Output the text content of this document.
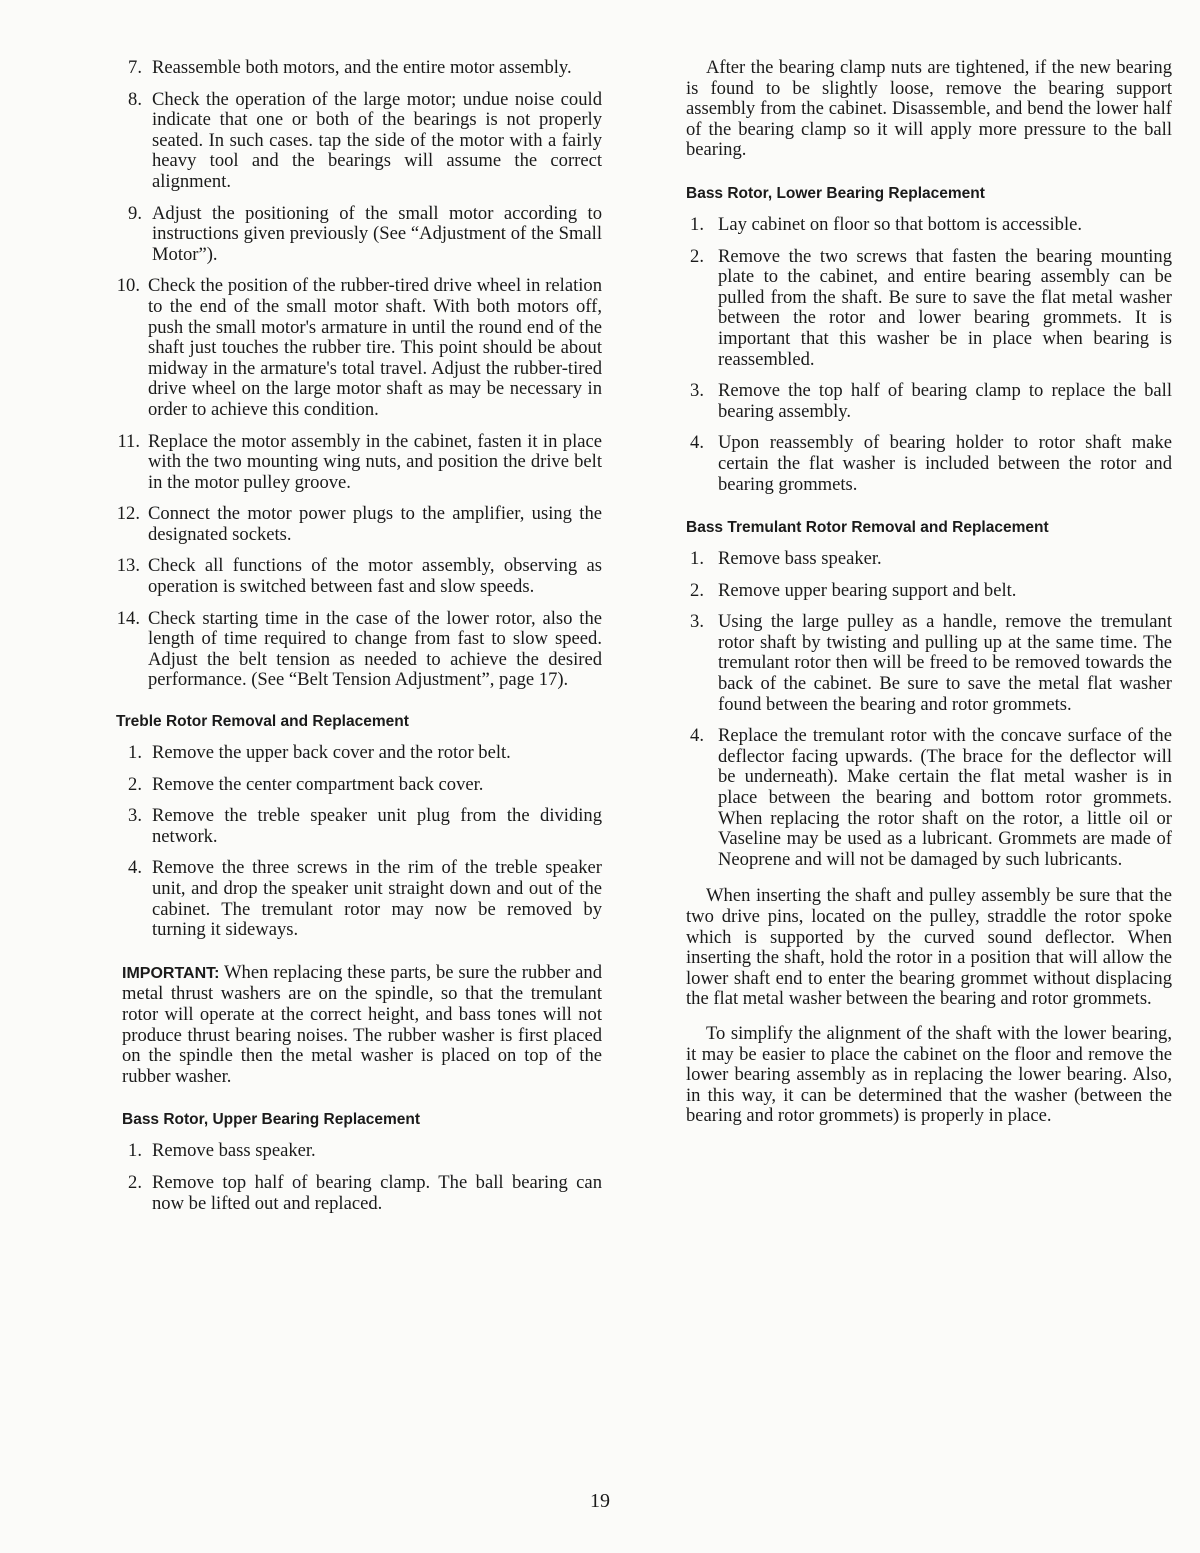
7. Reassemble both motors, and the entire motor assembly.
8. Check the operation of the large motor; undue noise could indicate that one or both of the bearings is not properly seated. In such cases. tap the side of the motor with a fairly heavy tool and the bearings will assume the correct alignment.
9. Adjust the positioning of the small motor according to instructions given previously (See “Adjustment of the Small Motor”).
10. Check the position of the rubber-tired drive wheel in relation to the end of the small motor shaft. With both motors off, push the small motor's armature in until the round end of the shaft just touches the rubber tire. This point should be about midway in the armature's total travel. Adjust the rubber-tired drive wheel on the large motor shaft as may be necessary in order to achieve this condition.
11. Replace the motor assembly in the cabinet, fasten it in place with the two mounting wing nuts, and position the drive belt in the motor pulley groove.
12. Connect the motor power plugs to the amplifier, using the designated sockets.
13. Check all functions of the motor assembly, observing as operation is switched between fast and slow speeds.
14. Check starting time in the case of the lower rotor, also the length of time required to change from fast to slow speed. Adjust the belt tension as needed to achieve the desired performance. (See “Belt Tension Adjustment”, page 17).
Treble Rotor Removal and Replacement
1. Remove the upper back cover and the rotor belt.
2. Remove the center compartment back cover.
3. Remove the treble speaker unit plug from the dividing network.
4. Remove the three screws in the rim of the treble speaker unit, and drop the speaker unit straight down and out of the cabinet. The tremulant rotor may now be removed by turning it sideways.

IMPORTANT: When replacing these parts, be sure the rubber and metal thrust washers are on the spindle, so that the tremulant rotor will operate at the correct height, and bass tones will not produce thrust bearing noises. The rubber washer is first placed on the spindle then the metal washer is placed on top of the rubber washer.

Bass Rotor, Upper Bearing Replacement
1. Remove bass speaker.
2. Remove top half of bearing clamp. The ball bearing can now be lifted out and replaced.

After the bearing clamp nuts are tightened, if the new bearing is found to be slightly loose, remove the bearing support assembly from the cabinet. Disassemble, and bend the lower half of the bearing clamp so it will apply more pressure to the ball bearing.

Bass Rotor, Lower Bearing Replacement
1. Lay cabinet on floor so that bottom is accessible.
2. Remove the two screws that fasten the bearing mounting plate to the cabinet, and entire bearing assembly can be pulled from the shaft. Be sure to save the flat metal washer between the rotor and lower bearing grommets. It is important that this washer be in place when bearing is reassembled.
3. Remove the top half of bearing clamp to replace the ball bearing assembly.
4. Upon reassembly of bearing holder to rotor shaft make certain the flat washer is included between the rotor and bearing grommets.
Bass Tremulant Rotor Removal and Replacement
1. Remove bass speaker.
2. Remove upper bearing support and belt.
3. Using the large pulley as a handle, remove the tremulant rotor shaft by twisting and pulling up at the same time. The tremulant rotor then will be freed to be removed towards the back of the cabinet. Be sure to save the metal flat washer found between the bearing and rotor grommets.
4. Replace the tremulant rotor with the concave surface of the deflector facing upwards. (The brace for the deflector will be underneath). Make certain the flat metal washer is in place between the bearing and bottom rotor grommets. When replacing the rotor shaft on the rotor, a little oil or Vaseline may be used as a lubricant. Grommets are made of Neoprene and will not be damaged by such lubricants.

When inserting the shaft and pulley assembly be sure that the two drive pins, located on the pulley, straddle the rotor spoke which is supported by the curved sound deflector. When inserting the shaft, hold the rotor in a position that will allow the lower shaft end to enter the bearing grommet without displacing the flat metal washer between the bearing and rotor grommets.

To simplify the alignment of the shaft with the lower bearing, it may be easier to place the cabinet on the floor and remove the lower bearing assembly as in replacing the lower bearing. Also, in this way, it can be determined that the washer (between the bearing and rotor grommets) is properly in place.

19
